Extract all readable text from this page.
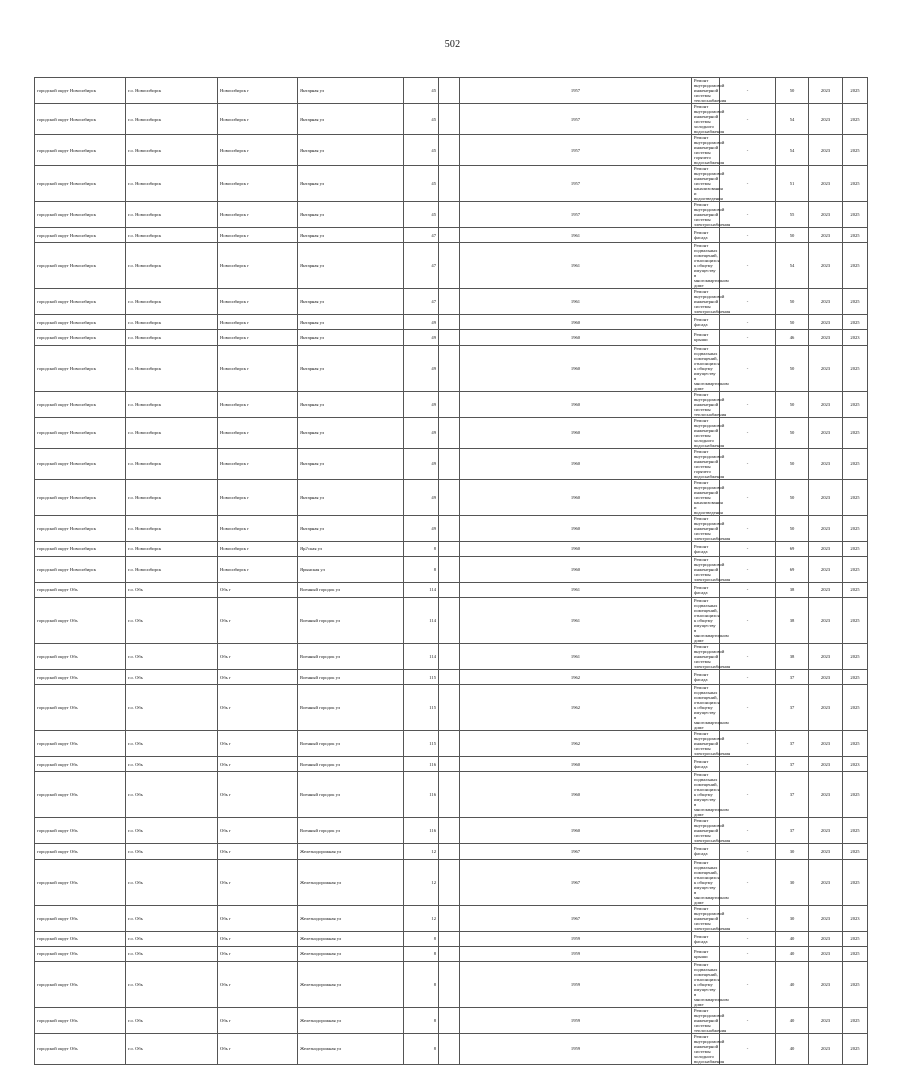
502
городской округ Новосибирск	г.о. Новосибирск	Новосибирск г	Янтарная ул	45		1957	Ремонт внутридомовой инженерной системы теплоснабжения	-	50	2023	2025
городской округ Новосибирск	г.о. Новосибирск	Новосибирск г	Янтарная ул	45		1957	Ремонт внутридомовой инженерной системы холодного водоснабжения	-	54	2023	2025
городской округ Новосибирск	г.о. Новосибирск	Новосибирск г	Янтарная ул	45		1957	Ремонт внутридомовой инженерной системы горячего водоснабжения	-	54	2023	2025
городской округ Новосибирск	г.о. Новосибирск	Новосибирск г	Янтарная ул	45		1957	Ремонт внутридомовой инженерной системы канализования и водоотведения	-	51	2023	2025
городской округ Новосибирск	г.о. Новосибирск	Новосибирск г	Янтарная ул	45		1957	Ремонт внутридомовой инженерной системы электроснабжения	-	55	2023	2025
городской округ Новосибирск	г.о. Новосибирск	Новосибирск г	Янтарная ул	47		1961	Ремонт фасада	-	50	2023	2025
городской округ Новосибирск	г.о. Новосибирск	Новосибирск г	Янтарная ул	47		1961	Ремонт подвальных помещений, относящихся к общему имуществу в многоквартирном доме	-	54	2023	2025
городской округ Новосибирск	г.о. Новосибирск	Новосибирск г	Янтарная ул	47		1961	Ремонт внутридомовой инженерной системы электроснабжения	-	50	2023	2025
городской округ Новосибирск	г.о. Новосибирск	Новосибирск г	Янтарная ул	49		1960	Ремонт фасада	-	50	2023	2025
городской округ Новосибирск	г.о. Новосибирск	Новосибирск г	Янтарная ул	49		1960	Ремонт крыши	-	46	2023	2023
городской округ Новосибирск	г.о. Новосибирск	Новосибирск г	Янтарная ул	49		1960	Ремонт подвальных помещений, относящихся к общему имуществу в многоквартирном доме	-	50	2023	2025
городской округ Новосибирск	г.о. Новосибирск	Новосибирск г	Янтарная ул	49		1960	Ремонт внутридомовой инженерной системы теплоснабжения	-	50	2023	2025
городской округ Новосибирск	г.о. Новосибирск	Новосибирск г	Янтарная ул	49		1960	Ремонт внутридомовой инженерной системы холодного водоснабжения	-	50	2023	2025
городской округ Новосибирск	г.о. Новосибирск	Новосибирск г	Янтарная ул	49		1960	Ремонт внутридомовой инженерной системы горячего водоснабжения	-	50	2023	2025
городской округ Новосибирск	г.о. Новосибирск	Новосибирск г	Янтарная ул	49		1960	Ремонт внутридомовой инженерной системы канализования и водоотведения	-	50	2023	2025
городской округ Новосибирск	г.о. Новосибирск	Новосибирск г	Янтарная ул	49		1960	Ремонт внутридомовой инженерной системы электроснабжения	-	50	2023	2025
городской округ Новосибирск	г.о. Новосибирск	Новосибирск г	Ярינская ул	8		1960	Ремонт фасада	-	69	2023	2025
городской округ Новосибирск	г.о. Новосибирск	Новосибирск г	Ярынская ул	8		1960	Ремонт внутридомовой инженерной системы электроснабжения	-	69	2023	2025
городской округ Обь	г.о. Обь	Обь г	Военный городок ул	114		1961	Ремонт фасада	-	38	2023	2025
городской округ Обь	г.о. Обь	Обь г	Военный городок ул	114		1961	Ремонт подвальных помещений, относящихся к общему имуществу в многоквартирном доме	-	38	2023	2025
городской округ Обь	г.о. Обь	Обь г	Военный городок ул	114		1961	Ремонт внутридомовой инженерной системы электроснабжения	-	38	2023	2025
городской округ Обь	г.о. Обь	Обь г	Военный городок ул	115		1962	Ремонт фасада	-	37	2023	2025
городской округ Обь	г.о. Обь	Обь г	Военный городок ул	115		1962	Ремонт подвальных помещений, относящихся к общему имуществу в многоквартирном доме	-	37	2023	2025
городской округ Обь	г.о. Обь	Обь г	Военный городок ул	115		1962	Ремонт внутридомовой инженерной системы электроснабжения	-	37	2023	2025
городской округ Обь	г.о. Обь	Обь г	Военный городок ул	116		1960	Ремонт фасада	-	37	2023	2023
городской округ Обь	г.о. Обь	Обь г	Военный городок ул	116		1960	Ремонт подвальных помещений, относящихся к общему имуществу в многоквартирном доме	-	37	2023	2025
городской округ Обь	г.о. Обь	Обь г	Военный городок ул	116		1960	Ремонт внутридомовой инженерной системы электроснабжения	-	37	2023	2025
городской округ Обь	г.о. Обь	Обь г	Железнодорожная ул	12		1967	Ремонт фасада	-	30	2023	2025
городской округ Обь	г.о. Обь	Обь г	Железнодорожная ул	12		1967	Ремонт подвальных помещений, относящихся к общему имуществу в многоквартирном доме	-	30	2023	2025
городской округ Обь	г.о. Обь	Обь г	Железнодорожная ул	12		1967	Ремонт внутридомовой инженерной системы электроснабжения	-	30	2023	2023
городской округ Обь	г.о. Обь	Обь г	Железнодорожная ул	8		1959	Ремонт фасада	-	40	2023	2025
городской округ Обь	г.о. Обь	Обь г	Железнодорожная ул	8		1959	Ремонт крыши	-	40	2023	2025
городской округ Обь	г.о. Обь	Обь г	Железнодорожная ул	8		1959	Ремонт подвальных помещений, относящихся к общему имуществу в многоквартирном доме	-	40	2023	2025
городской округ Обь	г.о. Обь	Обь г	Железнодорожная ул	8		1959	Ремонт внутридомовой инженерной системы теплоснабжения	-	40	2023	2025
городской округ Обь	г.о. Обь	Обь г	Железнодорожная ул	8		1959	Ремонт внутридомовой инженерной системы холодного водоснабжения	-	40	2023	2025
